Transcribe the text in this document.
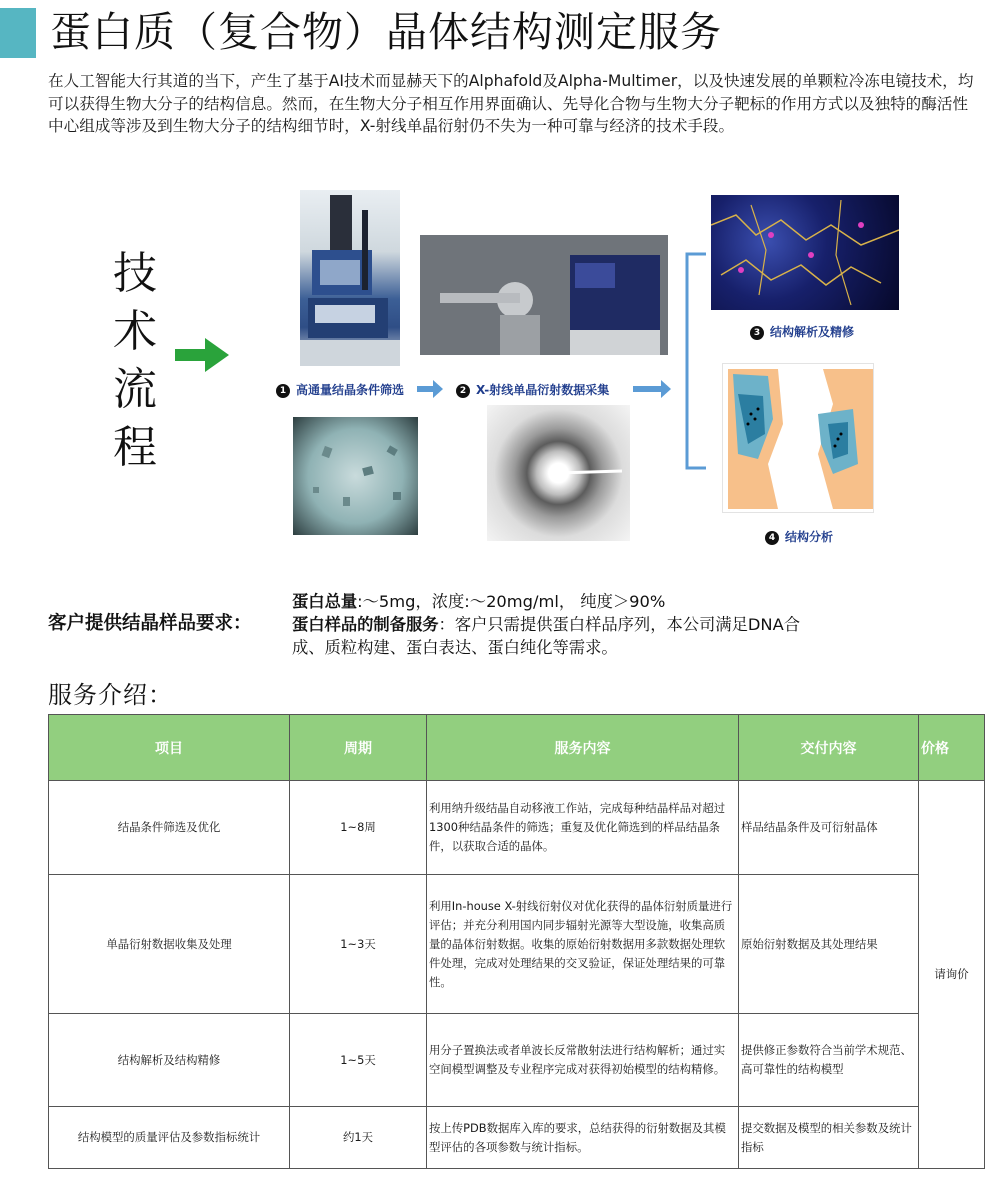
蛋白质（复合物）晶体结构测定服务

在人工智能大行其道的当下，产生了基于AI技术而显赫天下的Alphafold及Alpha-Multimer，以及快速发展的单颗粒冷冻电镜技术，均可以获得生物大分子的结构信息。然而，在生物大分子相互作用界面确认、先导化合物与生物大分子靶标的作用方式以及独特的酶活性中心组成等涉及到生物大分子的结构细节时，X-射线单晶衍射仍不失为一种可靠与经济的技术手段。

技
术
流
程
1 高通量结晶条件筛选	2 X-射线单晶衍射数据采集
3 结构解析及精修
4 结构分析
客户提供结晶样品要求：
蛋白总量:～5mg，浓度:～20mg/ml， 纯度＞90%
蛋白样品的制备服务：客户只需提供蛋白样品序列，本公司满足DNA合成、质粒构建、蛋白表达、蛋白纯化等需求。
服务介绍：
项目	周期	服务内容	交付内容	价格
结晶条件筛选及优化	1~8周	利用纳升级结晶自动移液工作站，完成每种结晶样品对超过1300种结晶条件的筛选；重复及优化筛选到的样品结晶条件，以获取合适的晶体。	样品结晶条件及可衍射晶体	请询价
单晶衍射数据收集及处理	1~3天	利用In-house X-射线衍射仪对优化获得的晶体衍射质量进行评估；并充分利用国内同步辐射光源等大型设施，收集高质量的晶体衍射数据。收集的原始衍射数据用多款数据处理软件处理，完成对处理结果的交叉验证，保证处理结果的可靠性。	原始衍射数据及其处理结果	
结构解析及结构精修	1~5天	用分子置换法或者单波长反常散射法进行结构解析；通过实空间模型调整及专业程序完成对获得初始模型的结构精修。	提供修正参数符合当前学术规范、高可靠性的结构模型	
结构模型的质量评估及参数指标统计	约1天	按上传PDB数据库入库的要求，总结获得的衍射数据及其模型评估的各项参数与统计指标。	提交数据及模型的相关参数及统计指标	
